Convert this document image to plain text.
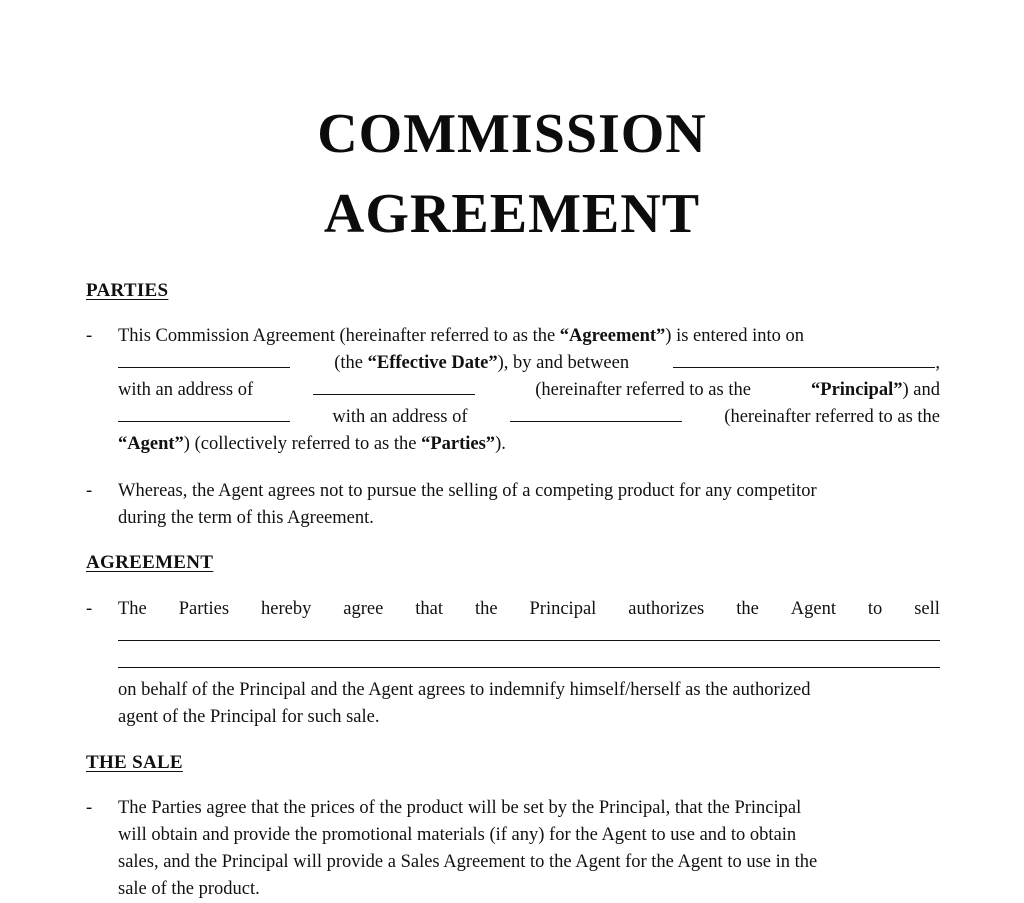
COMMISSION
AGREEMENT
PARTIES
- This Commission Agreement (hereinafter referred to as the “Agreement”) is entered into on
(the “Effective Date”), by and between	,
with an address of	(hereinafter referred to as the	“Principal”) and
with an address of	(hereinafter referred to as the
“Agent”) (collectively referred to as the “Parties”).
- Whereas, the Agent agrees not to pursue the selling of a competing product for any competitor
during the term of this Agreement.
AGREEMENT
- The Parties hereby agree that the Principal authorizes the Agent to sell
on behalf of the Principal and the Agent agrees to indemnify himself/herself as the authorized
agent of the Principal for such sale.
THE SALE
- The Parties agree that the prices of the product will be set by the Principal, that the Principal
will obtain and provide the promotional materials (if any) for the Agent to use and to obtain
sales, and the Principal will provide a Sales Agreement to the Agent for the Agent to use in the
sale of the product.
